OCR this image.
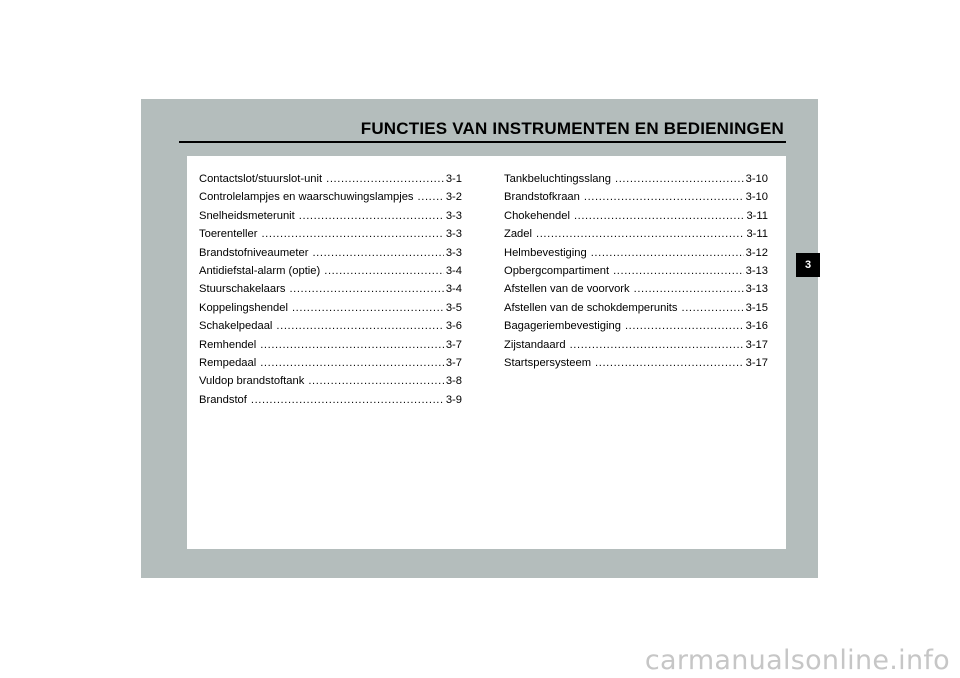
FUNCTIES VAN INSTRUMENTEN EN BEDIENINGEN
Contactslot/stuurslot-unit .....	3-1
Controlelampjes en waarschuwingslampjes .....	3-2
Snelheidsmeterunit .....	3-3
Toerenteller .....	3-3
Brandstofniveaumeter .....	3-3
Antidiefstal-alarm (optie) .....	3-4
Stuurschakelaars .....	3-4
Koppelingshendel .....	3-5
Schakelpedaal .....	3-6
Remhendel .....	3-7
Rempedaal .....	3-7
Vuldop brandstoftank .....	3-8
Brandstof .....	3-9
Tankbeluchtingsslang .....	3-10
Brandstofkraan .....	3-10
Chokehendel .....	3-11
Zadel .....	3-11
Helmbevestiging .....	3-12
Opbergcompartiment .....	3-13
Afstellen van de voorvork .....	3-13
Afstellen van de schokdemperunits .....	3-15
Bagageriembevestiging .....	3-16
Zijstandaard .....	3-17
Startspersysteem .....	3-17
3
carmanualsonline.info
